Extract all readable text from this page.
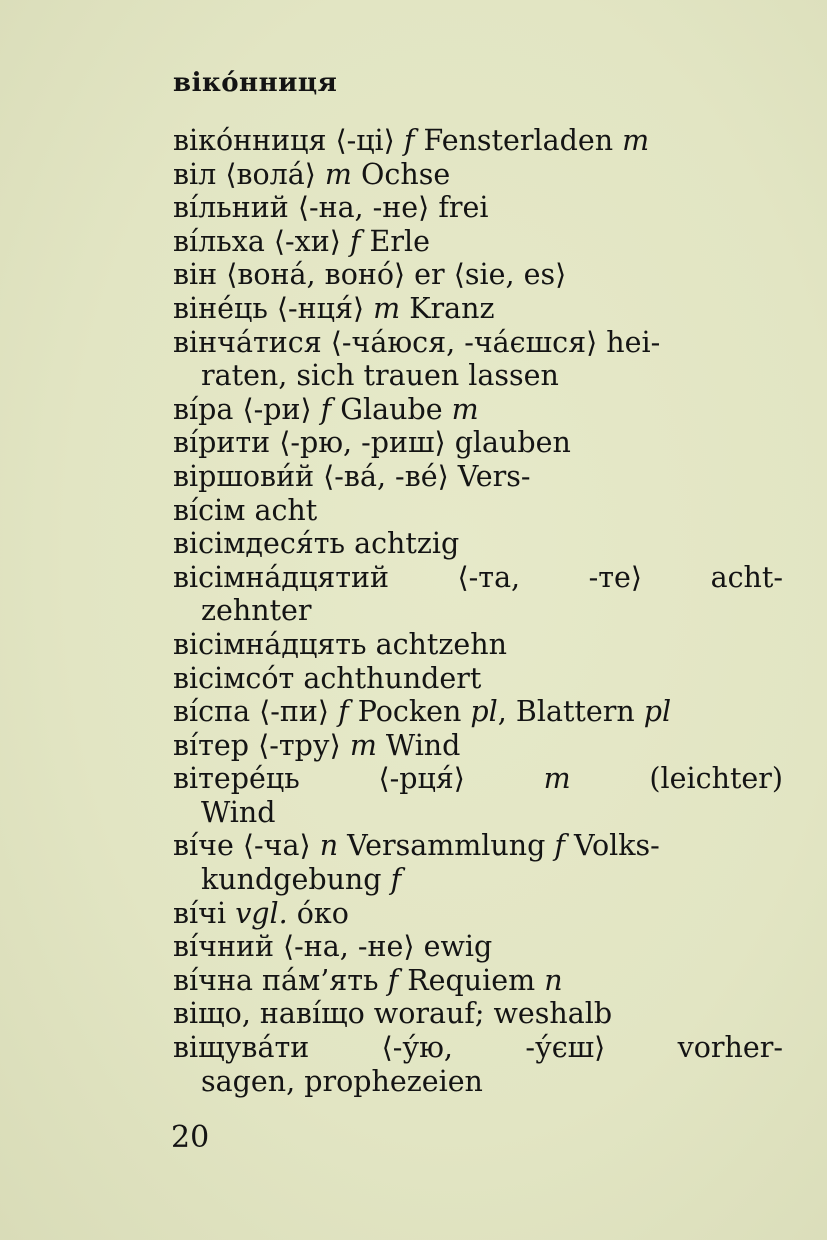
віко́нниця
віко́нниця ⟨-ці⟩ f Fensterladen m
віл ⟨вола́⟩ m Ochse
ві́льний ⟨-на, -не⟩ frei
ві́льха ⟨-хи⟩ f Erle
він ⟨вона́, воно́⟩ er ⟨sie, es⟩
віне́ць ⟨-нця́⟩ m Kranz
вінча́тися ⟨-ча́юся, -ча́єшся⟩ hei-
raten, sich trauen lassen
ві́ра ⟨-ри⟩ f Glaube m
ві́рити ⟨-рю, -риш⟩ glauben
віршови́й ⟨-ва́, -ве́⟩ Vers-
ві́сім acht
вісімдеся́ть achtzig
вісімна́дцятий ⟨-та, -те⟩ acht-
zehnter
вісімна́дцять achtzehn
вісімсо́т achthundert
ві́спа ⟨-пи⟩ f Pocken pl, Blattern pl
ві́тер ⟨-тру⟩ m Wind
вітере́ць	⟨-рця́⟩	m	(leichter)
Wind
ві́че ⟨-ча⟩ n Versammlung f Volks-
kundgebung f
ві́чі vgl. о́ко
ві́чний ⟨-на, -не⟩ ewig
ві́чна па́м’ять f Requiem n
віщо, наві́що worauf; weshalb
віщува́ти	⟨-у́ю,	-у́єш⟩	vorher-
sagen, prophezeien
20
